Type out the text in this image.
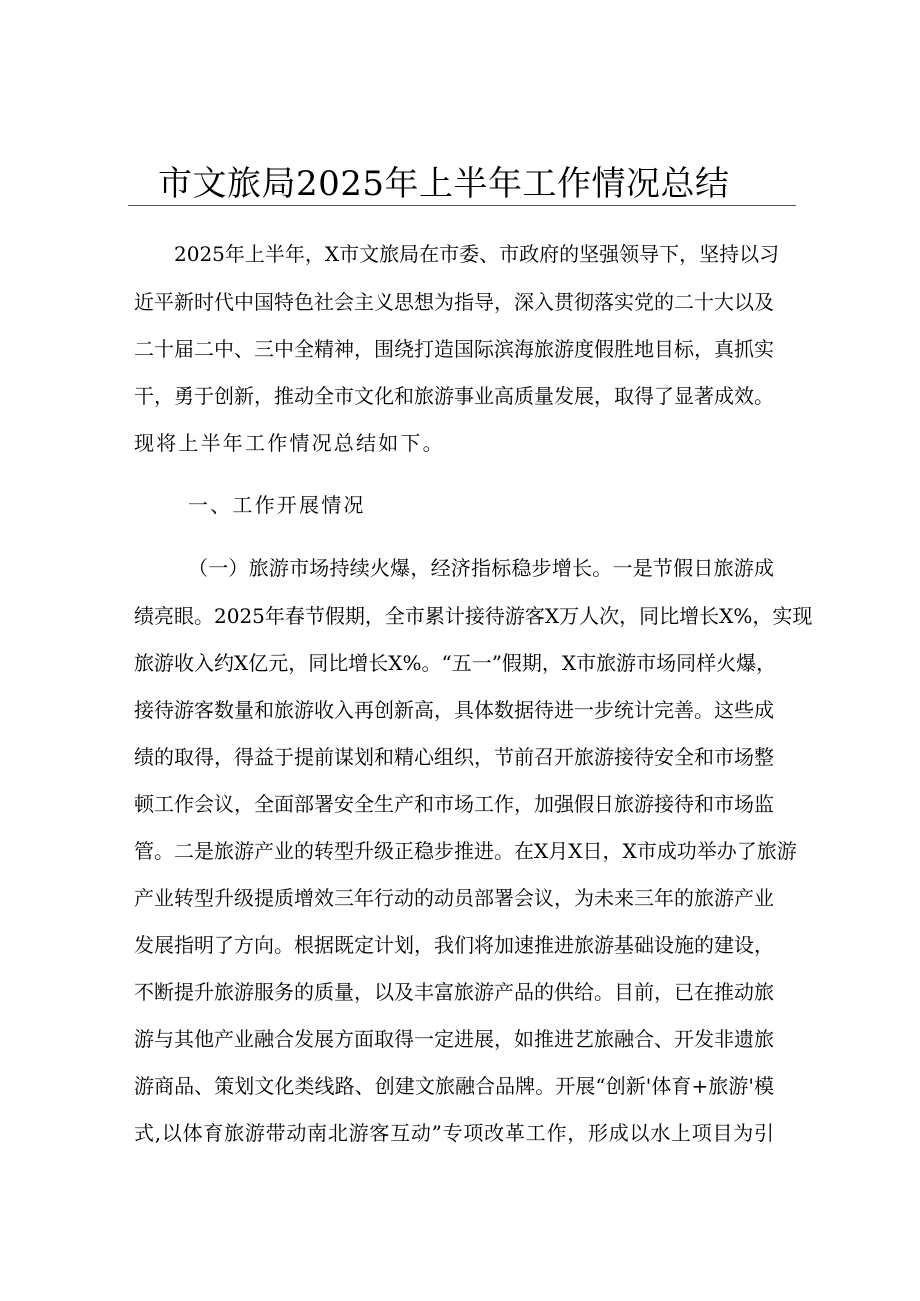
市文旅局2025年上半年工作情况总结
2025年上半年，X市文旅局在市委、市政府的坚强领导下，坚持以习
近平新时代中国特色社会主义思想为指导，深入贯彻落实党的二十大以及
二十届二中、三中全精神，围绕打造国际滨海旅游度假胜地目标，真抓实
干，勇于创新，推动全市文化和旅游事业高质量发展，取得了显著成效。
现将上半年工作情况总结如下。
一、工作开展情况
（一）旅游市场持续火爆，经济指标稳步增长。一是节假日旅游成
绩亮眼。2025年春节假期，全市累计接待游客X万人次，同比增长X%，实现
旅游收入约X亿元，同比增长X%。“五一”假期，X市旅游市场同样火爆，
接待游客数量和旅游收入再创新高，具体数据待进一步统计完善。这些成
绩的取得，得益于提前谋划和精心组织，节前召开旅游接待安全和市场整
顿工作会议，全面部署安全生产和市场工作，加强假日旅游接待和市场监
管。二是旅游产业的转型升级正稳步推进。在X月X日，X市成功举办了旅游
产业转型升级提质增效三年行动的动员部署会议，为未来三年的旅游产业
发展指明了方向。根据既定计划，我们将加速推进旅游基础设施的建设，
不断提升旅游服务的质量，以及丰富旅游产品的供给。目前，已在推动旅
游与其他产业融合发展方面取得一定进展，如推进艺旅融合、开发非遗旅
游商品、策划文化类线路、创建文旅融合品牌。开展“创新'体育+旅游'模
式,以体育旅游带动南北游客互动”专项改革工作，形成以水上项目为引
